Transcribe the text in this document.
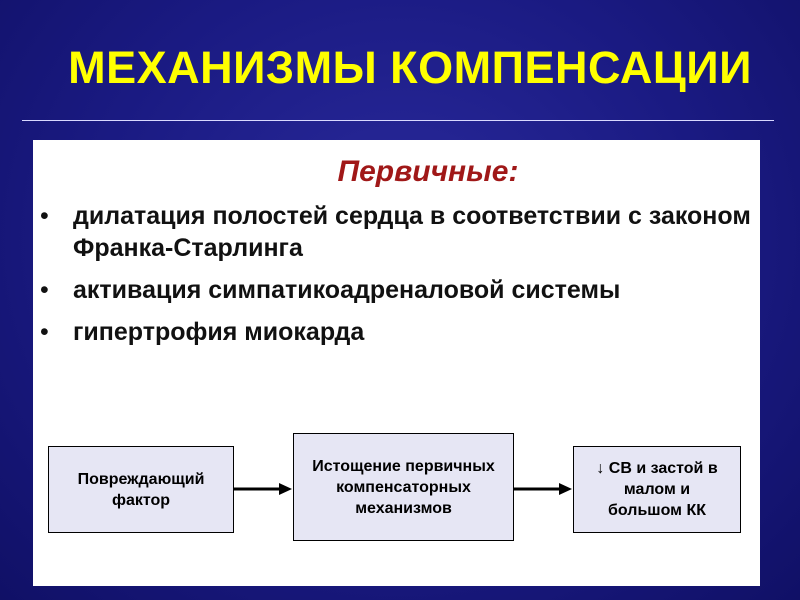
МЕХАНИЗМЫ КОМПЕНСАЦИИ
Первичные:
• дилатация полостей сердца в соответствии с законом Франка-Старлинга
• активация симпатикоадреналовой системы
• гипертрофия миокарда
Повреждающий фактор
Истощение первичных компенсаторных механизмов
↓ СВ и застой в малом и большом КК
